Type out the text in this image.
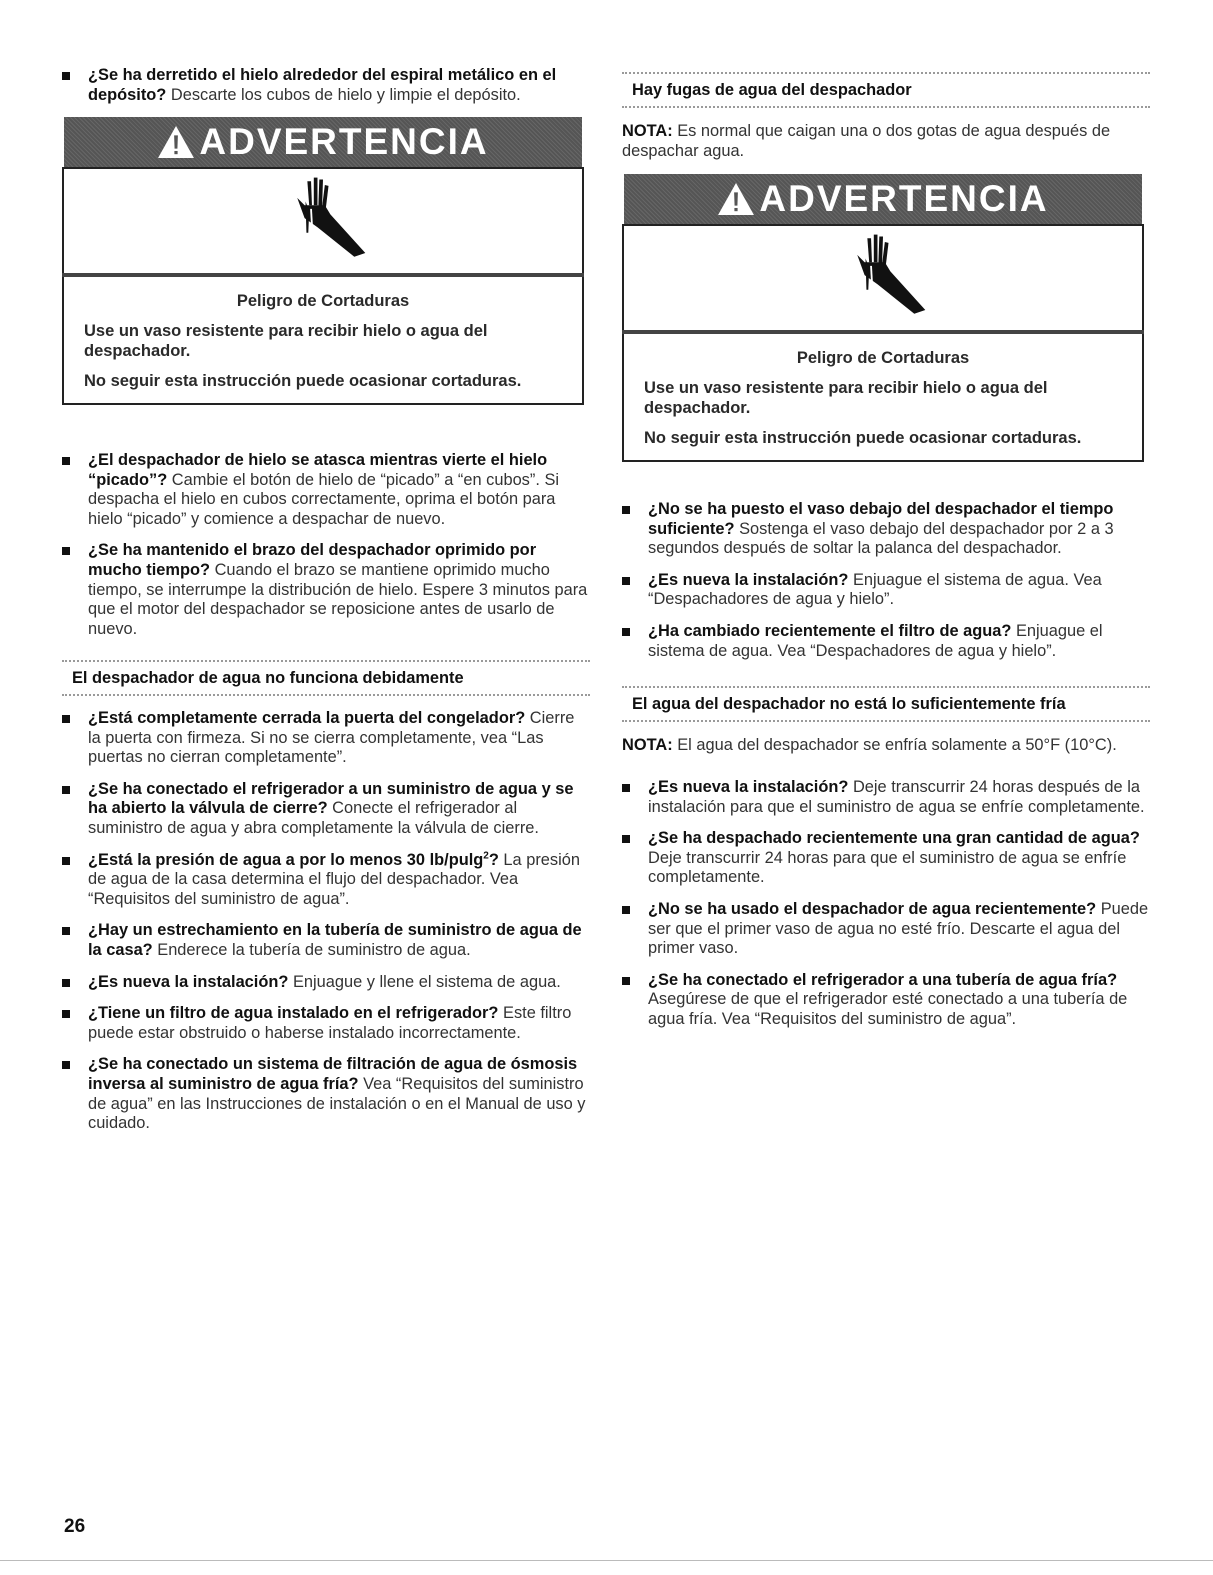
¿Se ha derretido el hielo alrededor del espiral metálico en el depósito? Descarte los cubos de hielo y limpie el depósito.
ADVERTENCIA
Peligro de Cortaduras

Use un vaso resistente para recibir hielo o agua del despachador.

No seguir esta instrucción puede ocasionar cortaduras.

¿El despachador de hielo se atasca mientras vierte el hielo “picado”? Cambie el botón de hielo de “picado” a “en cubos”. Si despacha el hielo en cubos correctamente, oprima el botón para hielo “picado” y comience a despachar de nuevo.
¿Se ha mantenido el brazo del despachador oprimido por mucho tiempo? Cuando el brazo se mantiene oprimido mucho tiempo, se interrumpe la distribución de hielo. Espere 3 minutos para que el motor del despachador se reposicione antes de usarlo de nuevo.
El despachador de agua no funciona debidamente
¿Está completamente cerrada la puerta del congelador? Cierre la puerta con firmeza. Si no se cierra completamente, vea “Las puertas no cierran completamente”.
¿Se ha conectado el refrigerador a un suministro de agua y se ha abierto la válvula de cierre? Conecte el refrigerador al suministro de agua y abra completamente la válvula de cierre.
¿Está la presión de agua a por lo menos 30 lb/pulg$^2$? La presión de agua de la casa determina el flujo del despachador. Vea “Requisitos del suministro de agua”.
¿Hay un estrechamiento en la tubería de suministro de agua de la casa? Enderece la tubería de suministro de agua.
¿Es nueva la instalación? Enjuague y llene el sistema de agua.
¿Tiene un filtro de agua instalado en el refrigerador? Este filtro puede estar obstruido o haberse instalado incorrectamente.
¿Se ha conectado un sistema de filtración de agua de ósmosis inversa al suministro de agua fría? Vea “Requisitos del suministro de agua” en las Instrucciones de instalación o en el Manual de uso y cuidado.
Hay fugas de agua del despachador
NOTA: Es normal que caigan una o dos gotas de agua después de despachar agua.
ADVERTENCIA
Peligro de Cortaduras

Use un vaso resistente para recibir hielo o agua del despachador.

No seguir esta instrucción puede ocasionar cortaduras.

¿No se ha puesto el vaso debajo del despachador el tiempo suficiente? Sostenga el vaso debajo del despachador por 2 a 3 segundos después de soltar la palanca del despachador.
¿Es nueva la instalación? Enjuague el sistema de agua. Vea “Despachadores de agua y hielo”.
¿Ha cambiado recientemente el filtro de agua? Enjuague el sistema de agua. Vea “Despachadores de agua y hielo”.
El agua del despachador no está lo suficientemente fría
NOTA: El agua del despachador se enfría solamente a 50°F (10°C).
¿Es nueva la instalación? Deje transcurrir 24 horas después de la instalación para que el suministro de agua se enfríe completamente.
¿Se ha despachado recientemente una gran cantidad de agua? Deje transcurrir 24 horas para que el suministro de agua se enfríe completamente.
¿No se ha usado el despachador de agua recientemente? Puede ser que el primer vaso de agua no esté frío. Descarte el agua del primer vaso.
¿Se ha conectado el refrigerador a una tubería de agua fría? Asegúrese de que el refrigerador esté conectado a una tubería de agua fría. Vea “Requisitos del suministro de agua”.
26
